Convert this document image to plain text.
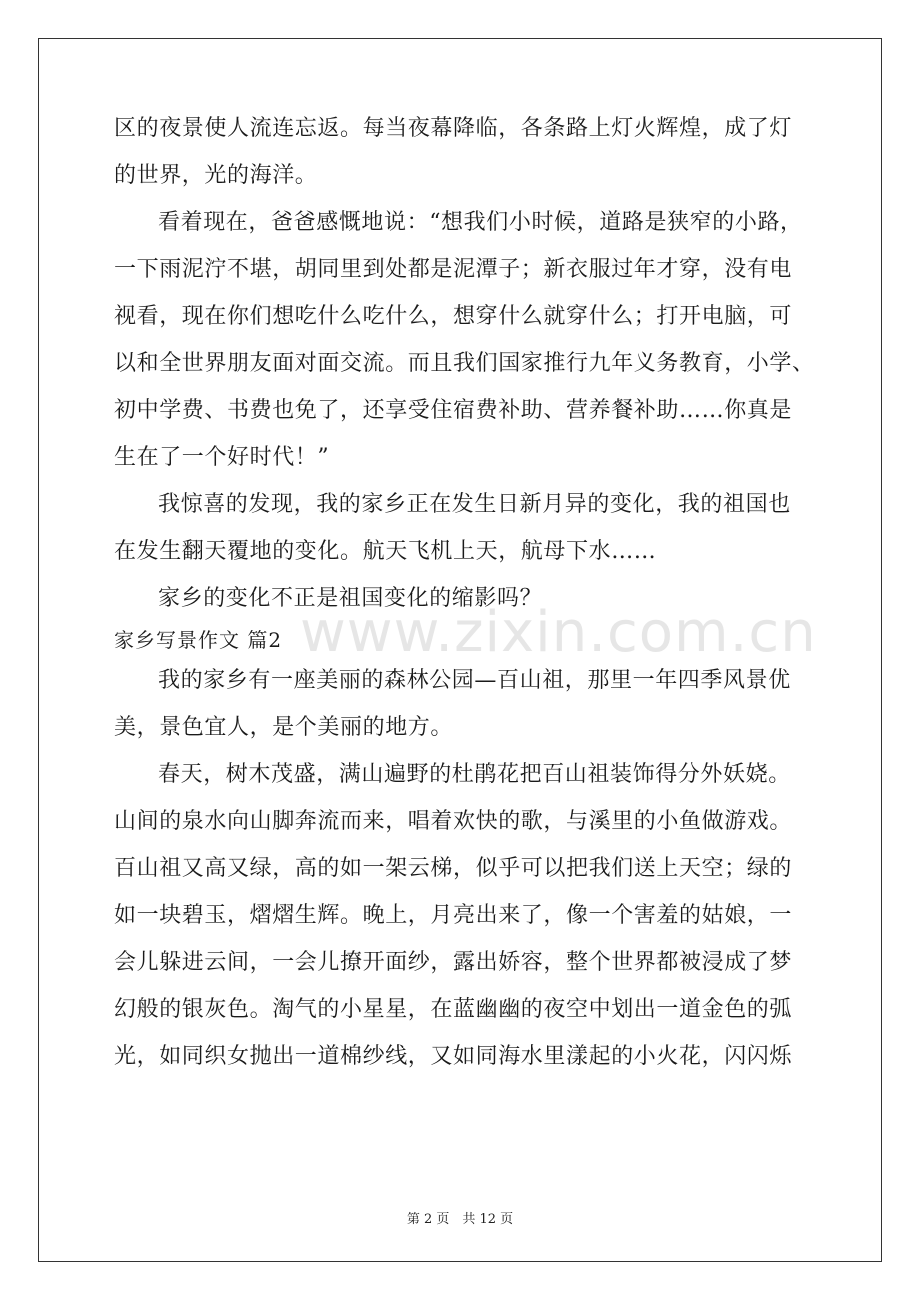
www.zixin.com.cn
区的夜景使人流连忘返。每当夜幕降临，各条路上灯火辉煌，成了灯
的世界，光的海洋。
看着现在，爸爸感慨地说：“想我们小时候，道路是狭窄的小路，
一下雨泥泞不堪，胡同里到处都是泥潭子；新衣服过年才穿，没有电
视看，现在你们想吃什么吃什么，想穿什么就穿什么；打开电脑，可
以和全世界朋友面对面交流。而且我们国家推行九年义务教育，小学、
初中学费、书费也免了，还享受住宿费补助、营养餐补助……你真是
生在了一个好时代！”
我惊喜的发现，我的家乡正在发生日新月异的变化，我的祖国也
在发生翻天覆地的变化。航天飞机上天，航母下水……
家乡的变化不正是祖国变化的缩影吗？
家乡写景作文 篇2
我的家乡有一座美丽的森林公园—百山祖，那里一年四季风景优
美，景色宜人，是个美丽的地方。
春天，树木茂盛，满山遍野的杜鹃花把百山祖装饰得分外妖娆。
山间的泉水向山脚奔流而来，唱着欢快的歌，与溪里的小鱼做游戏。
百山祖又高又绿，高的如一架云梯，似乎可以把我们送上天空；绿的
如一块碧玉，熠熠生辉。晚上，月亮出来了，像一个害羞的姑娘，一
会儿躲进云间，一会儿撩开面纱，露出娇容，整个世界都被浸成了梦
幻般的银灰色。淘气的小星星，在蓝幽幽的夜空中划出一道金色的弧
光，如同织女抛出一道棉纱线，又如同海水里漾起的小火花，闪闪烁
第 2 页　共 12 页
